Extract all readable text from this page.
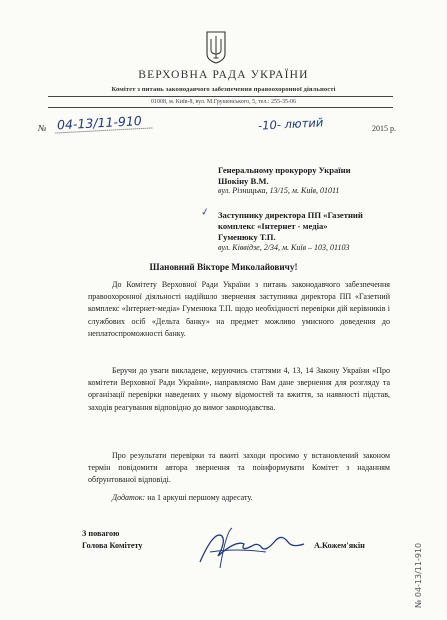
ВЕРХОВНА РАДА УКРАЇНИ
Комітет з питань законодавчого забезпечення правоохоронної діяльності
01008, м. Київ-8, вул. М.Грушевського, 5, тел.: 255-35-06
№ 04-13/11-910	-10- лютий	2015 р.
Генеральному прокурору України
Шокіну В.М.
вул. Різницька, 13/15, м. Київ, 01011
✓ Заступнику директора ПП «Газетний
комплекс «Інтернет - медіа»
Гуменюку Т.П.
вул. Ківвідзе, 2/34, м. Київ – 103, 01103
Шановний Вікторе Миколайовичу!
До Комітету Верховної Ради України з питань законодавчого забезпечення правоохоронної діяльності надійшло звернення заступника директора ПП «Газетний комплекс «Інтернет-медіа» Гуменюка Т.П. щодо необхідності перевірки дій керівників і службових осіб «Дельта банку» на предмет можливо умисного доведення до неплатоспроможності банку.
Беручи до уваги викладене, керуючись статтями 4, 13, 14 Закону України «Про комітети Верховної Ради України», направляємо Вам дане звернення для розгляду та організації перевірки наведених у ньому відомостей та вжиття, за наявності підстав, заходів реагування відповідно до вимог законодавства.
Про результати перевірки та вжиті заходи просимо у встановлений законом термін повідомити автора звернення та поінформувати Комітет з наданням обґрунтованої відповіді.
Додаток: на 1 аркуші першому адресату.
З повагою
Голова Комітету	А.Кожем'якін	№ 04-13/11-910
